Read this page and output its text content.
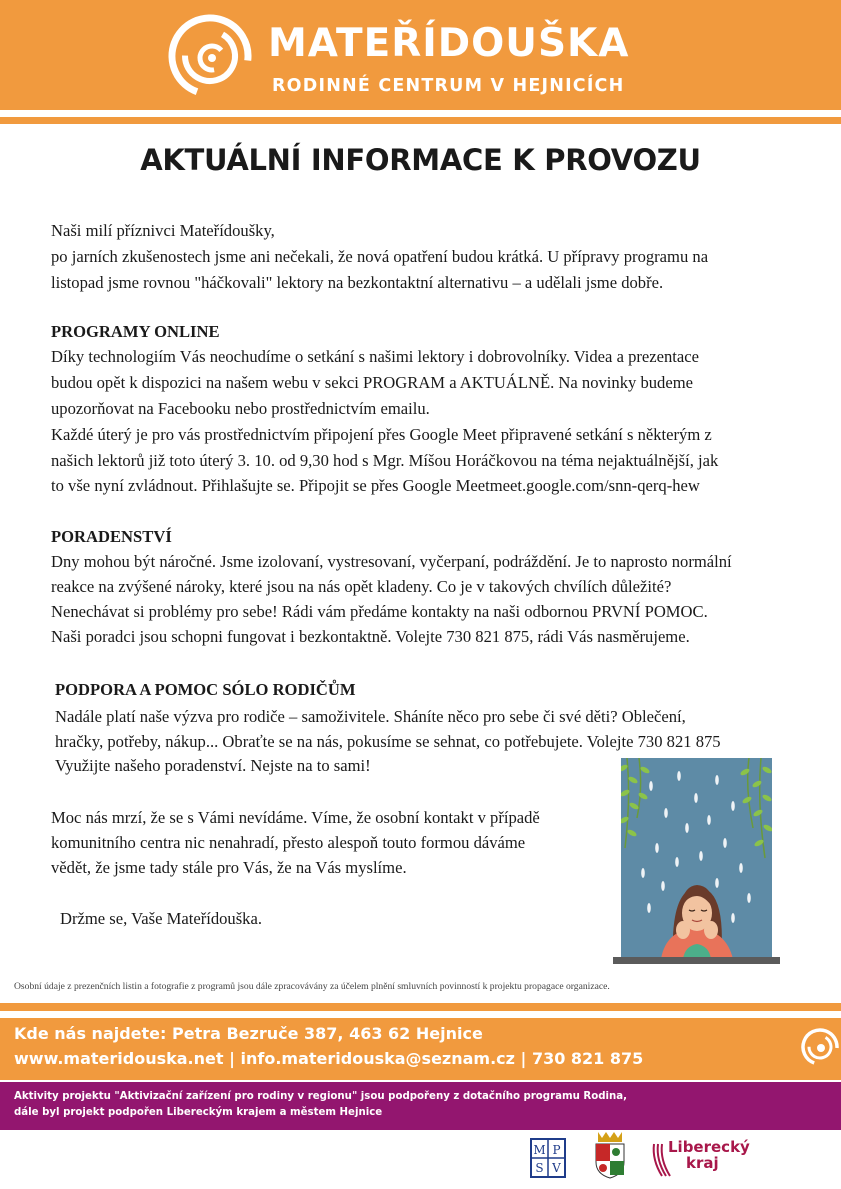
MATEŘÍDOUŠKA
RODINNÉ CENTRUM V HEJNICÍCH
AKTUÁLNÍ INFORMACE K PROVOZU

Naši milí příznivci Mateřídoušky,

po jarních zkušenostech jsme ani nečekali, že nová opatření budou krátká. U přípravy programu na

listopad jsme rovnou "háčkovali" lektory na bezkontaktní alternativu – a udělali jsme dobře.

PROGRAMY ONLINE

Díky technologiím Vás neochudíme o setkání s našimi lektory i dobrovolníky. Videa a prezentace

budou opět k dispozici na našem webu v sekci PROGRAM a AKTUÁLNĚ. Na novinky budeme

upozorňovat na Facebooku nebo prostřednictvím emailu.

Každé úterý je pro vás prostřednictvím připojení přes Google Meet připravené setkání s některým z

našich lektorů již toto úterý 3. 10. od 9,30 hod s Mgr. Míšou Horáčkovou na téma nejaktuálnější, jak

to vše nyní zvládnout. Přihlašujte se. Připojit se přes Google Meetmeet.google.com/snn-qerq-hew

PORADENSTVÍ

Dny mohou být náročné. Jsme izolovaní, vystresovaní, vyčerpaní, podráždění. Je to naprosto normální

reakce na zvýšené nároky, které jsou na nás opět kladeny. Co je v takových chvílích důležité?

Nenechávat si problémy pro sebe! Rádi vám předáme kontakty na naši odbornou PRVNÍ POMOC.

Naši poradci jsou schopni fungovat i bezkontaktně. Volejte 730 821 875, rádi Vás nasměrujeme.

PODPORA A POMOC SÓLO RODIČŮM

Nadále platí naše výzva pro rodiče – samoživitele. Sháníte něco pro sebe či své děti? Oblečení,

hračky, potřeby, nákup... Obraťte se na nás, pokusíme se sehnat, co potřebujete. Volejte 730 821 875

Využijte našeho poradenství. Nejste na to sami!

Moc nás mrzí, že se s Vámi nevídáme. Víme, že osobní kontakt v případě

komunitního centra nic nenahradí, přesto alespoň touto formou dáváme

vědět, že jsme tady stále pro Vás, že na Vás myslíme.

Držme se, Vaše Mateřídouška.

Osobní údaje z prezenčních listin a fotografie z programů jsou dále zpracovávány za účelem plnění smluvních povinností k projektu propagace organizace.
Kde nás najdete: Petra Bezruče 387, 463 62 Hejnice
www.materidouska.net | info.materidouska@seznam.cz | 730 821 875
Aktivity projektu "Aktivizační zařízení pro rodiny v regionu" jsou podpořeny z dotačního programu Rodina,
dále byl projekt podpořen Libereckým krajem a městem Hejnice
M P
S V
Liberecký
kraj
